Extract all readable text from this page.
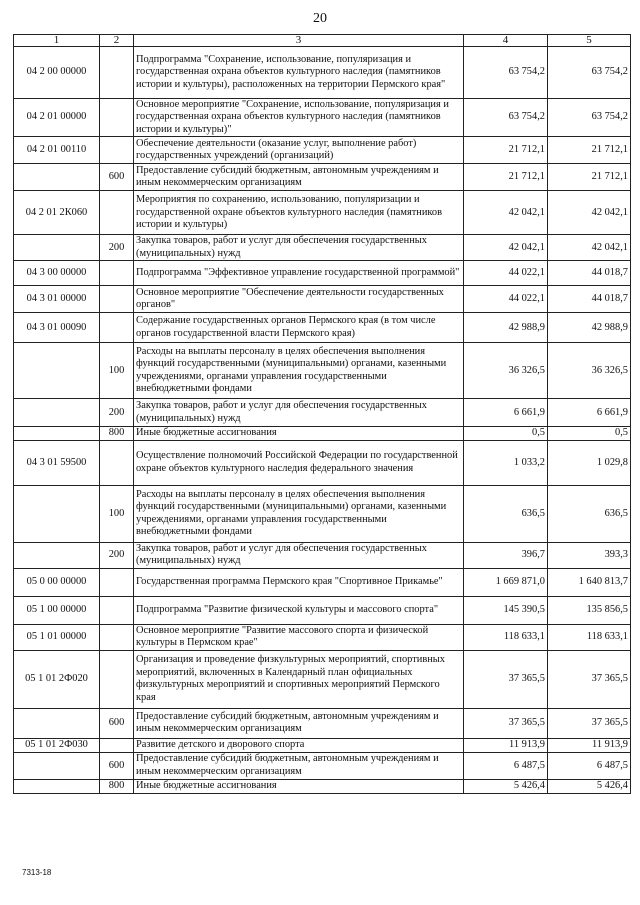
20
1	2	3	4	5
04 2 00 00000		Подпрограмма "Сохранение, использование, популяризация и государственная охрана объектов культурного наследия (памятников истории и культуры), расположенных на территории Пермского края"	63 754,2	63 754,2
04 2 01 00000		Основное мероприятие "Сохранение, использование, популяризация и государственная охрана объектов культурного наследия (памятников истории и культуры)"	63 754,2	63 754,2
04 2 01 00110		Обеспечение деятельности (оказание услуг, выполнение работ) государственных учреждений (организаций)	21 712,1	21 712,1
	600	Предоставление субсидий бюджетным, автономным учреждениям и иным некоммерческим организациям	21 712,1	21 712,1
04 2 01 2К060		Мероприятия по сохранению, использованию, популяризации и государственной охране объектов культурного наследия (памятников истории и культуры)	42 042,1	42 042,1
	200	Закупка товаров, работ и услуг для обеспечения государственных (муниципальных) нужд	42 042,1	42 042,1
04 3 00 00000		Подпрограмма "Эффективное управление государственной программой"	44 022,1	44 018,7
04 3 01 00000		Основное мероприятие "Обеспечение деятельности государственных органов"	44 022,1	44 018,7
04 3 01 00090		Содержание государственных органов Пермского края (в том числе органов государственной власти Пермского края)	42 988,9	42 988,9
	100	Расходы на выплаты персоналу в целях обеспечения выполнения функций государственными (муниципальными) органами, казенными учреждениями, органами управления государственными внебюджетными фондами	36 326,5	36 326,5
	200	Закупка товаров, работ и услуг для обеспечения государственных (муниципальных) нужд	6 661,9	6 661,9
	800	Иные бюджетные ассигнования	0,5	0,5
04 3 01 59500		Осуществление полномочий Российской Федерации по государственной охране объектов культурного наследия федерального значения	1 033,2	1 029,8
	100	Расходы на выплаты персоналу в целях обеспечения выполнения функций государственными (муниципальными) органами, казенными учреждениями, органами управления государственными внебюджетными фондами	636,5	636,5
	200	Закупка товаров, работ и услуг для обеспечения государственных (муниципальных) нужд	396,7	393,3
05 0 00 00000		Государственная программа Пермского края "Спортивное Прикамье"	1 669 871,0	1 640 813,7
05 1 00 00000		Подпрограмма "Развитие физической культуры и массового спорта"	145 390,5	135 856,5
05 1 01 00000		Основное мероприятие "Развитие массового спорта и физической культуры в Пермском крае"	118 633,1	118 633,1
05 1 01 2Ф020		Организация и проведение физкультурных мероприятий, спортивных мероприятий, включенных в Календарный план официальных физкультурных мероприятий и спортивных мероприятий Пермского края	37 365,5	37 365,5
	600	Предоставление субсидий бюджетным, автономным учреждениям и иным некоммерческим организациям	37 365,5	37 365,5
05 1 01 2Ф030		Развитие детского и дворового спорта	11 913,9	11 913,9
	600	Предоставление субсидий бюджетным, автономным учреждениям и иным некоммерческим организациям	6 487,5	6 487,5
	800	Иные бюджетные ассигнования	5 426,4	5 426,4
7313-18
